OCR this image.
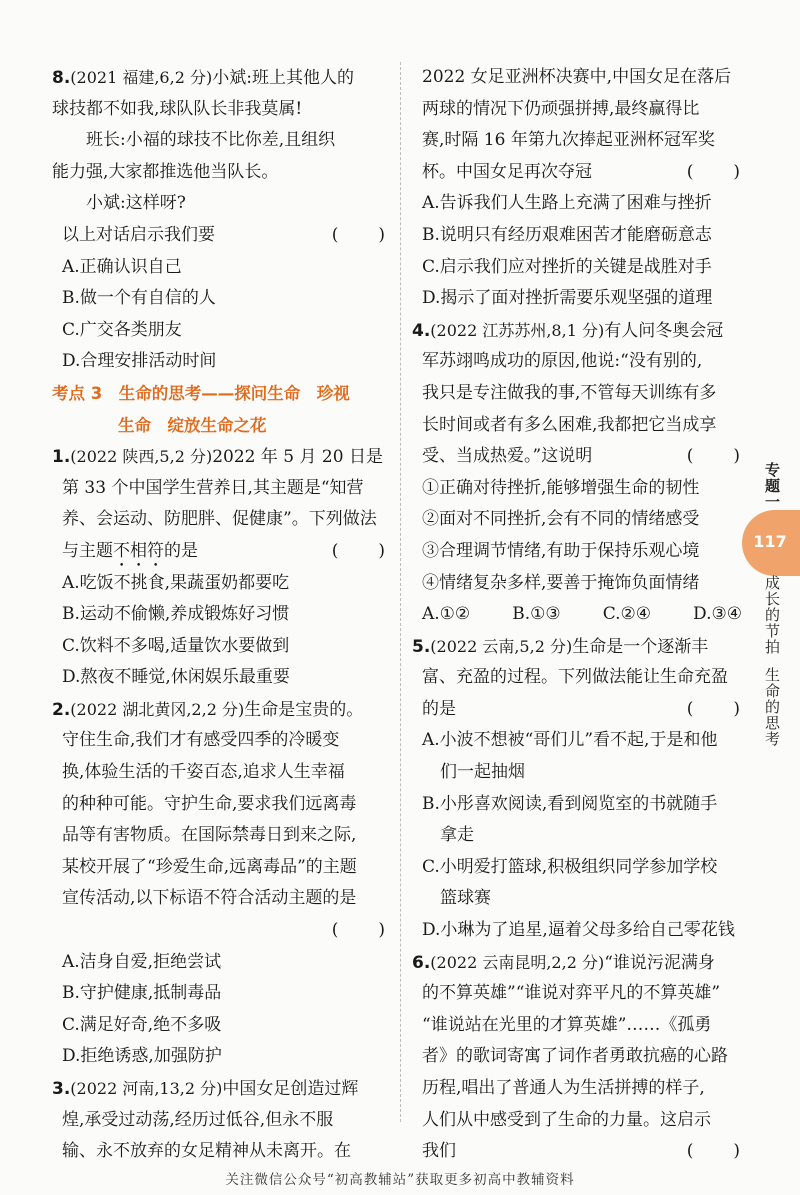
8.(2021 福建,6,2 分)小斌:班上其他人的
球技都不如我,球队队长非我莫属!
班长:小福的球技不比你差,且组织
能力强,大家都推选他当队长。
小斌:这样呀?
以上对话启示我们要	(　　)
A.正确认识自己
B.做一个有自信的人
C.广交各类朋友
D.合理安排活动时间
考点 3　生命的思考——探问生命　珍视
生命　绽放生命之花
1.(2022 陕西,5,2 分)2022 年 5 月 20 日是
第 33 个中国学生营养日,其主题是“知营
养、会运动、防肥胖、促健康”。下列做法
与主题不相符的是	(　　)
A.吃饭不挑食,果蔬蛋奶都要吃
B.运动不偷懒,养成锻炼好习惯
C.饮料不多喝,适量饮水要做到
D.熬夜不睡觉,休闲娱乐最重要
2.(2022 湖北黄冈,2,2 分)生命是宝贵的。
守住生命,我们才有感受四季的冷暖变
换,体验生活的千姿百态,追求人生幸福
的种种可能。守护生命,要求我们远离毒
品等有害物质。在国际禁毒日到来之际,
某校开展了“珍爱生命,远离毒品”的主题
宣传活动,以下标语不符合活动主题的是
(　　)
A.洁身自爱,拒绝尝试
B.守护健康,抵制毒品
C.满足好奇,绝不多吸
D.拒绝诱惑,加强防护
3.(2022 河南,13,2 分)中国女足创造过辉
煌,承受过动荡,经历过低谷,但永不服
输、永不放弃的女足精神从未离开。在
2022 女足亚洲杯决赛中,中国女足在落后
两球的情况下仍顽强拼搏,最终赢得比
赛,时隔 16 年第九次捧起亚洲杯冠军奖
杯。中国女足再次夺冠	(　　)
A.告诉我们人生路上充满了困难与挫折
B.说明只有经历艰难困苦才能磨砺意志
C.启示我们应对挫折的关键是战胜对手
D.揭示了面对挫折需要乐观坚强的道理
4.(2022 江苏苏州,8,1 分)有人问冬奥会冠
军苏翊鸣成功的原因,他说:“没有别的,
我只是专注做我的事,不管每天训练有多
长时间或者有多么困难,我都把它当成享
受、当成热爱。”这说明	(　　)
①正确对待挫折,能够增强生命的韧性
②面对不同挫折,会有不同的情绪感受
③合理调节情绪,有助于保持乐观心境
④情绪复杂多样,要善于掩饰负面情绪
A.①② B.①③ C.②④ D.③④
5.(2022 云南,5,2 分)生命是一个逐渐丰
富、充盈的过程。下列做法能让生命充盈
的是	(　　)
A.小波不想被“哥们儿”看不起,于是和他
们一起抽烟
B.小彤喜欢阅读,看到阅览室的书就随手
拿走
C.小明爱打篮球,积极组织同学参加学校
篮球赛
D.小琳为了追星,逼着父母多给自己零花钱
6.(2022 云南昆明,2,2 分)“谁说污泥满身
的不算英雄”“谁说对弈平凡的不算英雄”
“谁说站在光里的才算英雄”……《孤勇
者》的歌词寄寓了词作者勇敢抗癌的心路
历程,唱出了普通人为生活拼搏的样子,
人们从中感受到了生命的力量。这启示
我们	(　　)
专题一
117
成长的节拍
生命的思考
关注微信公众号“初高教辅站”获取更多初高中教辅资料
